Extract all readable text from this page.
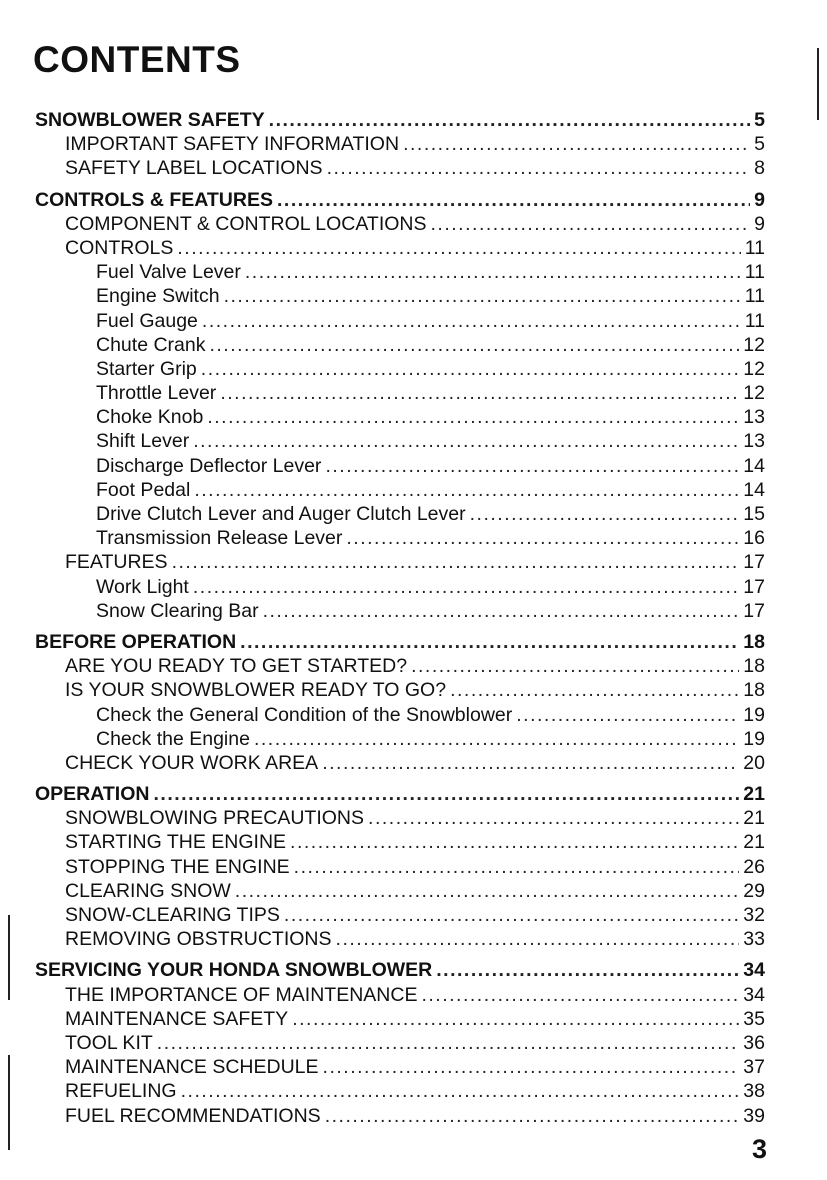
CONTENTS
SNOWBLOWER SAFETY .....	5
IMPORTANT SAFETY INFORMATION .....	5
SAFETY LABEL LOCATIONS .....	8
CONTROLS & FEATURES .....	9
COMPONENT & CONTROL LOCATIONS .....	9
CONTROLS .....	11
Fuel Valve Lever .....	11
Engine Switch .....	11
Fuel Gauge .....	11
Chute Crank .....	12
Starter Grip .....	12
Throttle Lever .....	12
Choke Knob .....	13
Shift Lever .....	13
Discharge Deflector Lever .....	14
Foot Pedal .....	14
Drive Clutch Lever and Auger Clutch Lever .....	15
Transmission Release Lever .....	16
FEATURES .....	17
Work Light .....	17
Snow Clearing Bar .....	17
BEFORE OPERATION .....	18
ARE YOU READY TO GET STARTED? .....	18
IS YOUR SNOWBLOWER READY TO GO? .....	18
Check the General Condition of the Snowblower .....	19
Check the Engine .....	19
CHECK YOUR WORK AREA .....	20
OPERATION .....	21
SNOWBLOWING PRECAUTIONS .....	21
STARTING THE ENGINE .....	21
STOPPING THE ENGINE .....	26
CLEARING SNOW .....	29
SNOW-CLEARING TIPS .....	32
REMOVING OBSTRUCTIONS .....	33
SERVICING YOUR HONDA SNOWBLOWER .....	34
THE IMPORTANCE OF MAINTENANCE .....	34
MAINTENANCE SAFETY .....	35
TOOL KIT .....	36
MAINTENANCE SCHEDULE .....	37
REFUELING .....	38
FUEL RECOMMENDATIONS .....	39
3
